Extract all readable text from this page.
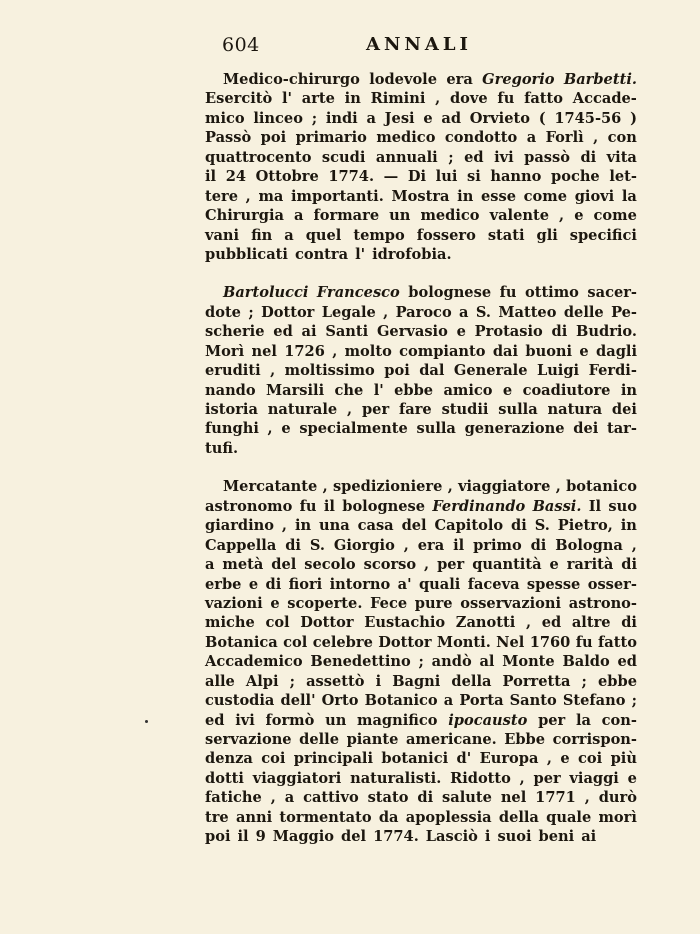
604	ANNALI
Medico-chirurgo lodevole era Gregorio Barbetti.
Esercitò l' arte in Rimini , dove fu fatto Accade-
mico linceo ; indi a Jesi e ad Orvieto ( 1745-56 )
Passò poi primario medico condotto a Forlì , con
quattrocento scudi annuali ; ed ivi passò di vita
il 24 Ottobre 1774. — Di lui si hanno poche let-
tere , ma importanti. Mostra in esse come giovi la
Chirurgia a formare un medico valente , e come
vani fin a quel tempo fossero stati gli specifici
pubblicati contra l' idrofobia.
Bartolucci Francesco bolognese fu ottimo sacer-
dote ; Dottor Legale , Paroco a S. Matteo delle Pe-
scherie ed ai Santi Gervasio e Protasio di Budrio.
Morì nel 1726 , molto compianto dai buoni e dagli
eruditi , moltissimo poi dal Generale Luigi Ferdi-
nando Marsili che l' ebbe amico e coadiutore in
istoria naturale , per fare studii sulla natura dei
funghi , e specialmente sulla generazione dei tar-
tufi.
Mercatante , spedizioniere , viaggiatore , botanico
astronomo fu il bolognese Ferdinando Bassi. Il suo
giardino , in una casa del Capitolo di S. Pietro, in
Cappella di S. Giorgio , era il primo di Bologna ,
a metà del secolo scorso , per quantità e rarità di
erbe e di fiori intorno a' quali faceva spesse osser-
vazioni e scoperte. Fece pure osservazioni astrono-
miche col Dottor Eustachio Zanotti , ed altre di
Botanica col celebre Dottor Monti. Nel 1760 fu fatto
Accademico Benedettino ; andò al Monte Baldo ed
alle Alpi ; assettò i Bagni della Porretta ; ebbe
custodia dell' Orto Botanico a Porta Santo Stefano ;
ed ivi formò un magnifico ipocausto per la con-
servazione delle piante americane. Ebbe corrispon-
denza coi principali botanici d' Europa , e coi più
dotti viaggiatori naturalisti. Ridotto , per viaggi e
fatiche , a cattivo stato di salute nel 1771 , durò
tre anni tormentato da apoplessia della quale morì
poi il 9 Maggio del 1774. Lasciò i suoi beni ai
